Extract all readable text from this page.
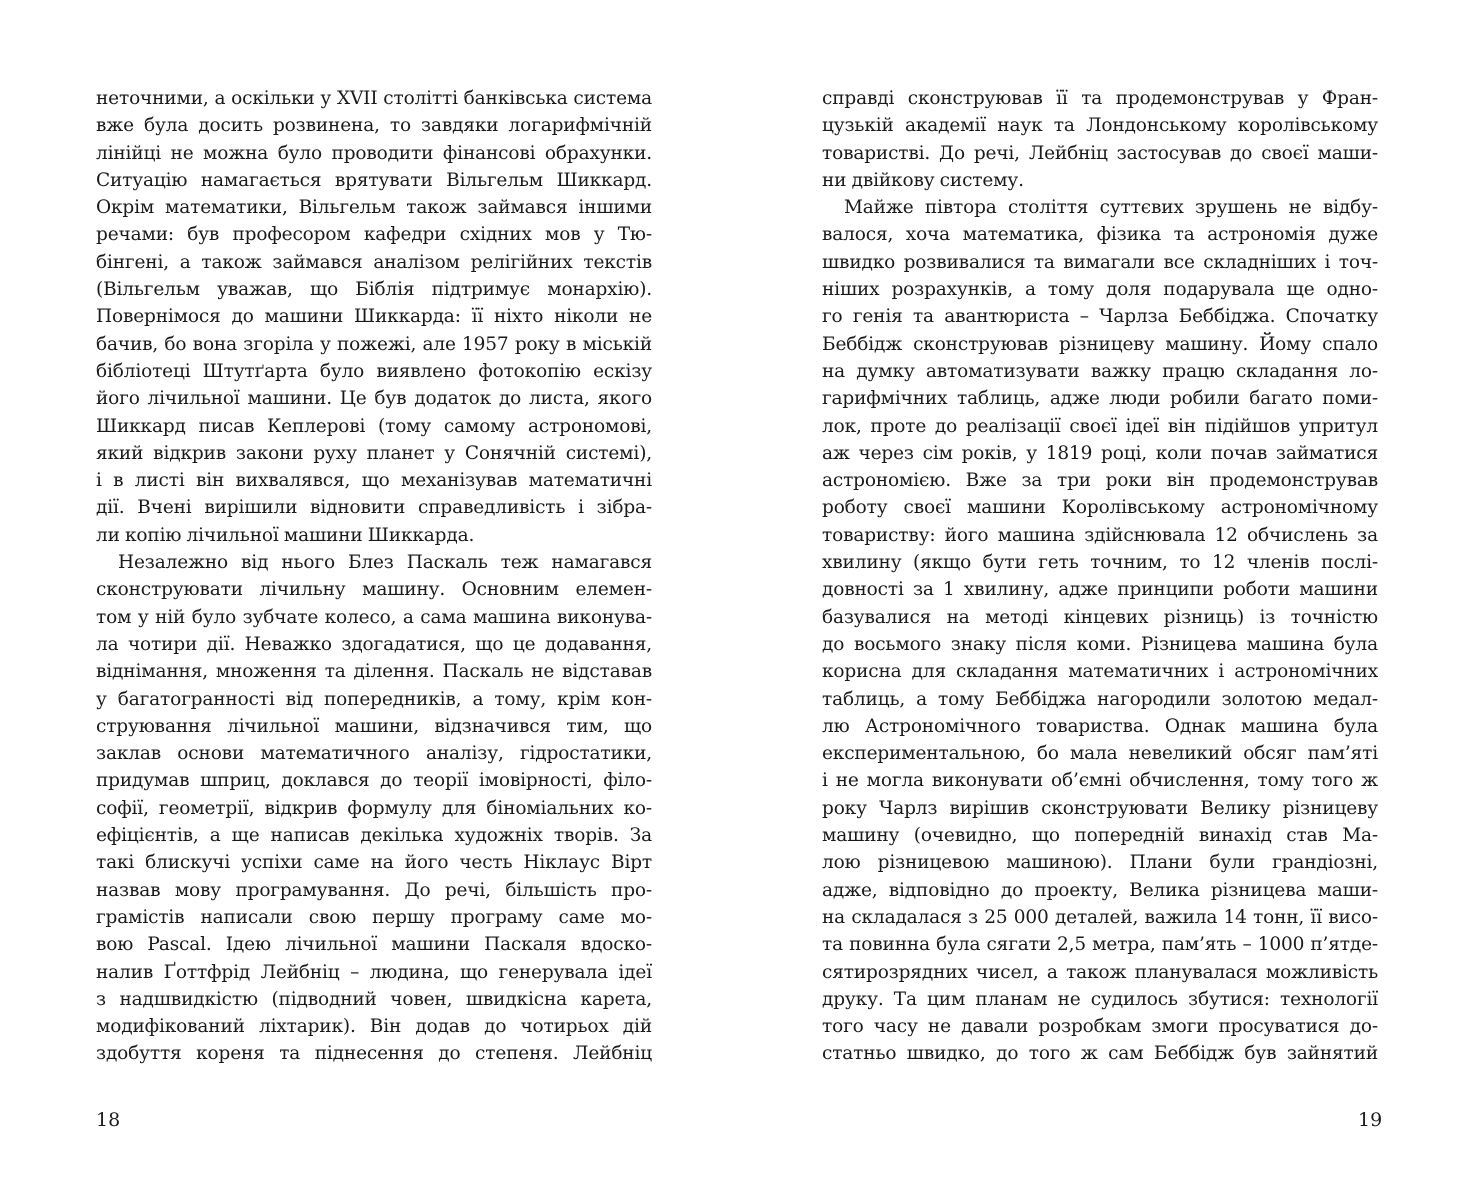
неточними, а оскільки у XVII столітті банківська система
вже була досить розвинена, то завдяки логарифмічній
лінійці не можна було проводити фінансові обрахунки.
Ситуацію намагається врятувати Вільгельм Шиккард.
Окрім математики, Вільгельм також займався іншими
речами: був професором кафедри східних мов у Тю-
бінгені, а також займався аналізом релігійних текстів
(Вільгельм уважав, що Біблія підтримує монархію).
Повернімося до машини Шиккарда: її ніхто ніколи не
бачив, бо вона згоріла у пожежі, але 1957 року в міській
бібліотеці Штутґарта було виявлено фотокопію ескізу
його лічильної машини. Це був додаток до листа, якого
Шиккард писав Кеплерові (тому самому астрономові,
який відкрив закони руху планет у Сонячній системі),
і в листі він вихвалявся, що механізував математичні
дії. Вчені вирішили відновити справедливість і зібра-
ли копію лічильної машини Шиккарда.
Незалежно від нього Блез Паскаль теж намагався
сконструювати лічильну машину. Основним елемен-
том у ній було зубчате колесо, а сама машина виконува-
ла чотири дії. Неважко здогадатися, що це додавання,
віднімання, множення та ділення. Паскаль не відставав
у багатогранності від попередників, а тому, крім кон-
струювання лічильної машини, відзначився тим, що
заклав основи математичного аналізу, гідростатики,
придумав шприц, доклався до теорії імовірності, філо-
софії, геометрії, відкрив формулу для біноміальних ко-
ефіцієнтів, а ще написав декілька художніх творів. За
такі блискучі успіхи саме на його честь Ніклаус Вірт
назвав мову програмування. До речі, більшість про-
грамістів написали свою першу програму саме мо-
вою Pascal. Ідею лічильної машини Паскаля вдоско-
налив Ґоттфрід Лейбніц – людина, що генерувала ідеї
з надшвидкістю (підводний човен, швидкісна карета,
модифікований ліхтарик). Він додав до чотирьох дій
здобуття кореня та піднесення до степеня. Лейбніц
18
справді сконструював її та продемонстрував у Фран-
цузькій академії наук та Лондонському королівському
товаристві. До речі, Лейбніц застосував до своєї маши-
ни двійкову систему.
Майже півтора століття суттєвих зрушень не відбу-
валося, хоча математика, фізика та астрономія дуже
швидко розвивалися та вимагали все складніших і точ-
ніших розрахунків, а тому доля подарувала ще одно-
го генія та авантюриста – Чарлза Беббіджа. Спочатку
Беббідж сконструював різницеву машину. Йому спало
на думку автоматизувати важку працю складання ло-
гарифмічних таблиць, адже люди робили багато поми-
лок, проте до реалізації своєї ідеї він підійшов упритул
аж через сім років, у 1819 році, коли почав займатися
астрономією. Вже за три роки він продемонстрував
роботу своєї машини Королівському астрономічному
товариству: його машина здійснювала 12 обчислень за
хвилину (якщо бути геть точним, то 12 членів послі-
довності за 1 хвилину, адже принципи роботи машини
базувалися на методі кінцевих різниць) із точністю
до восьмого знаку після коми. Різницева машина була
корисна для складання математичних і астрономічних
таблиць, а тому Беббіджа нагородили золотою медал-
лю Астрономічного товариства. Однак машина була
експериментальною, бо мала невеликий обсяг пам’яті
і не могла виконувати об’ємні обчислення, тому того ж
року Чарлз вирішив сконструювати Велику різницеву
машину (очевидно, що попередній винахід став Ма-
лою різницевою машиною). Плани були грандіозні,
адже, відповідно до проекту, Велика різницева маши-
на складалася з 25 000 деталей, важила 14 тонн, її висо-
та повинна була сягати 2,5 метра, пам’ять – 1000 п’ятде-
сятирозрядних чисел, а також планувалася можливість
друку. Та цим планам не судилось збутися: технології
того часу не давали розробкам змоги просуватися до-
статньо швидко, до того ж сам Беббідж був зайнятий
19
